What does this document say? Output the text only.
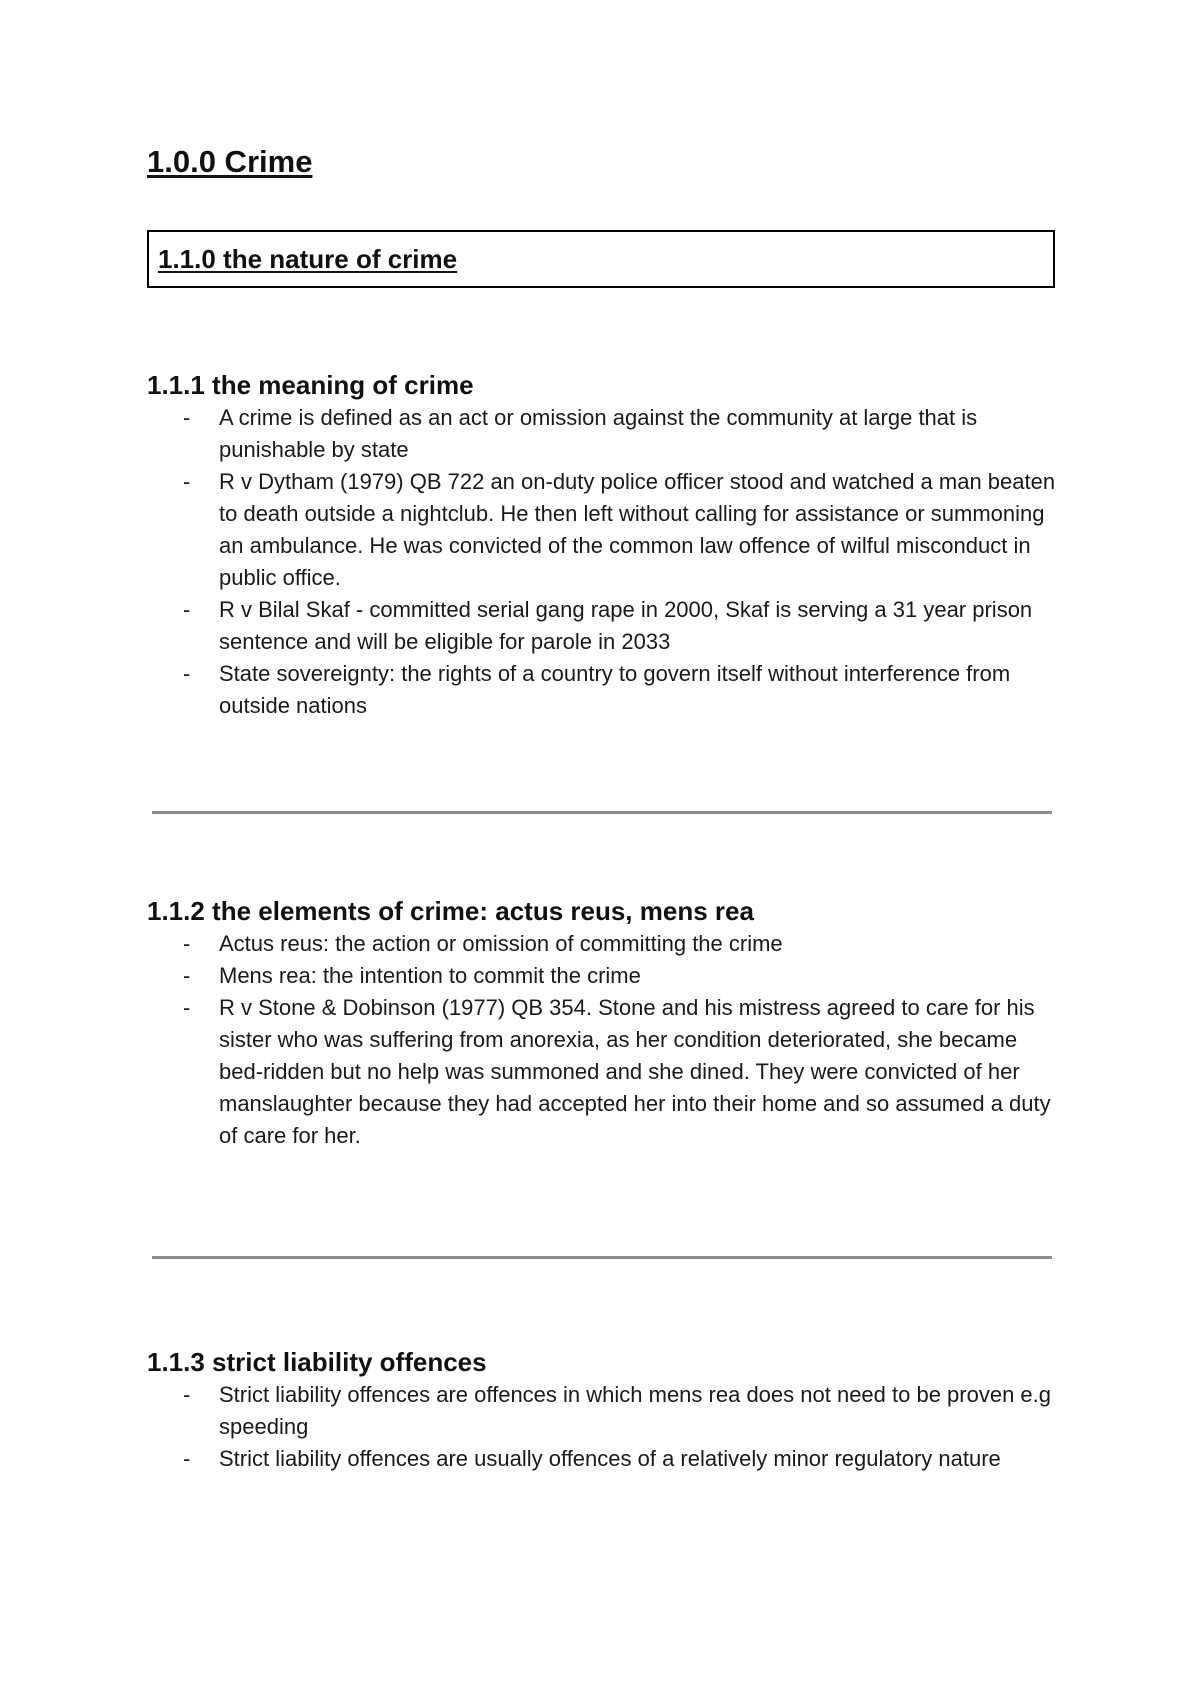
1.0.0 Crime
1.1.0 the nature of crime
1.1.1 the meaning of crime
- A crime is defined as an act or omission against the community at large that is punishable by state
- R v Dytham (1979) QB 722 an on-duty police officer stood and watched a man beaten to death outside a nightclub. He then left without calling for assistance or summoning an ambulance. He was convicted of the common law offence of wilful misconduct in public office.
- R v Bilal Skaf - committed serial gang rape in 2000, Skaf is serving a 31 year prison sentence and will be eligible for parole in 2033
- State sovereignty: the rights of a country to govern itself without interference from outside nations
1.1.2 the elements of crime: actus reus, mens rea
- Actus reus: the action or omission of committing the crime
- Mens rea: the intention to commit the crime
- R v Stone & Dobinson (1977) QB 354. Stone and his mistress agreed to care for his sister who was suffering from anorexia, as her condition deteriorated, she became bed-ridden but no help was summoned and she dined. They were convicted of her manslaughter because they had accepted her into their home and so assumed a duty of care for her.
1.1.3 strict liability offences
- Strict liability offences are offences in which mens rea does not need to be proven e.g speeding
- Strict liability offences are usually offences of a relatively minor regulatory nature
